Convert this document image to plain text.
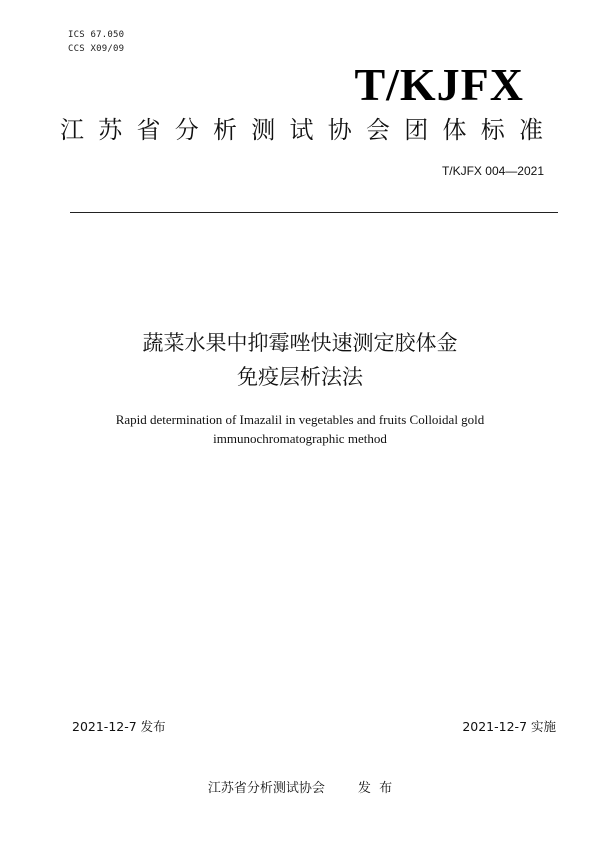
ICS 67.050
CCS X09/09
T/KJFX
江苏省分析测试协会团体标准
T/KJFX 004—2021
蔬菜水果中抑霉唑快速测定胶体金
免疫层析法法
Rapid determination of Imazalil in vegetables and fruits Colloidal gold
immunochromatographic method
2021-12-7 发布	2021-12-7 实施
江苏省分析测试协会        发  布
